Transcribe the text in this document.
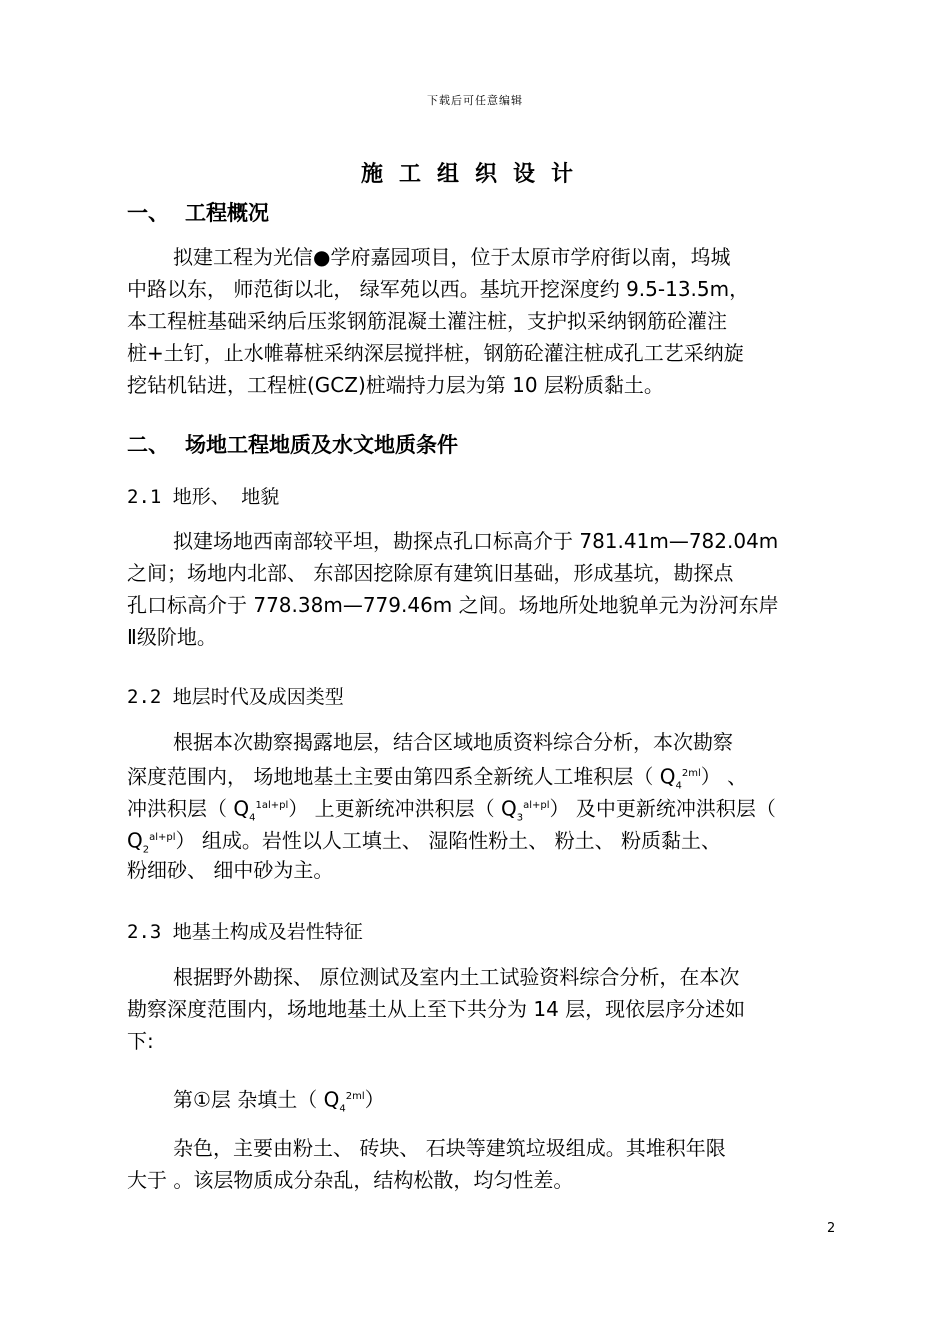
下载后可任意编辑
施工组织设计
一、 工程概况
拟建工程为光信●学府嘉园项目，位于太原市学府街以南，坞城
中路以东， 师范街以北， 绿军苑以西。基坑开挖深度约 9.5-13.5m，
本工程桩基础采纳后压浆钢筋混凝土灌注桩，支护拟采纳钢筋砼灌注
桩+土钉，止水帷幕桩采纳深层搅拌桩，钢筋砼灌注桩成孔工艺采纳旋
挖钻机钻进，工程桩(GCZ)桩端持力层为第 10 层粉质黏土。
二、 场地工程地质及水文地质条件
2.1 地形、 地貌
拟建场地西南部较平坦，勘探点孔口标高介于 781.41m—782.04m
之间；场地内北部、 东部因挖除原有建筑旧基础，形成基坑，勘探点
孔口标高介于 778.38m—779.46m 之间。场地所处地貌单元为汾河东岸
Ⅱ级阶地。
2.2 地层时代及成因类型
根据本次勘察揭露地层，结合区域地质资料综合分析，本次勘察
深度范围内， 场地地基土主要由第四系全新统人工堆积层（ $Q_4^{2ml}$） 、
冲洪积层（ $Q_4^{1al+pl}$） 上更新统冲洪积层（ $Q_3^{al+pl}$） 及中更新统冲洪积层（
$Q_2^{al+pl}$） 组成。岩性以人工填土、 湿陷性粉土、 粉土、 粉质黏土、
粉细砂、 细中砂为主。
2.3 地基土构成及岩性特征
根据野外勘探、 原位测试及室内土工试验资料综合分析，在本次
勘察深度范围内，场地地基土从上至下共分为 14 层，现依层序分述如
下:
第①层 杂填土（ $Q_4^{2ml}$）
杂色，主要由粉土、 砖块、 石块等建筑垃圾组成。其堆积年限
大于 。该层物质成分杂乱，结构松散，均匀性差。
2
